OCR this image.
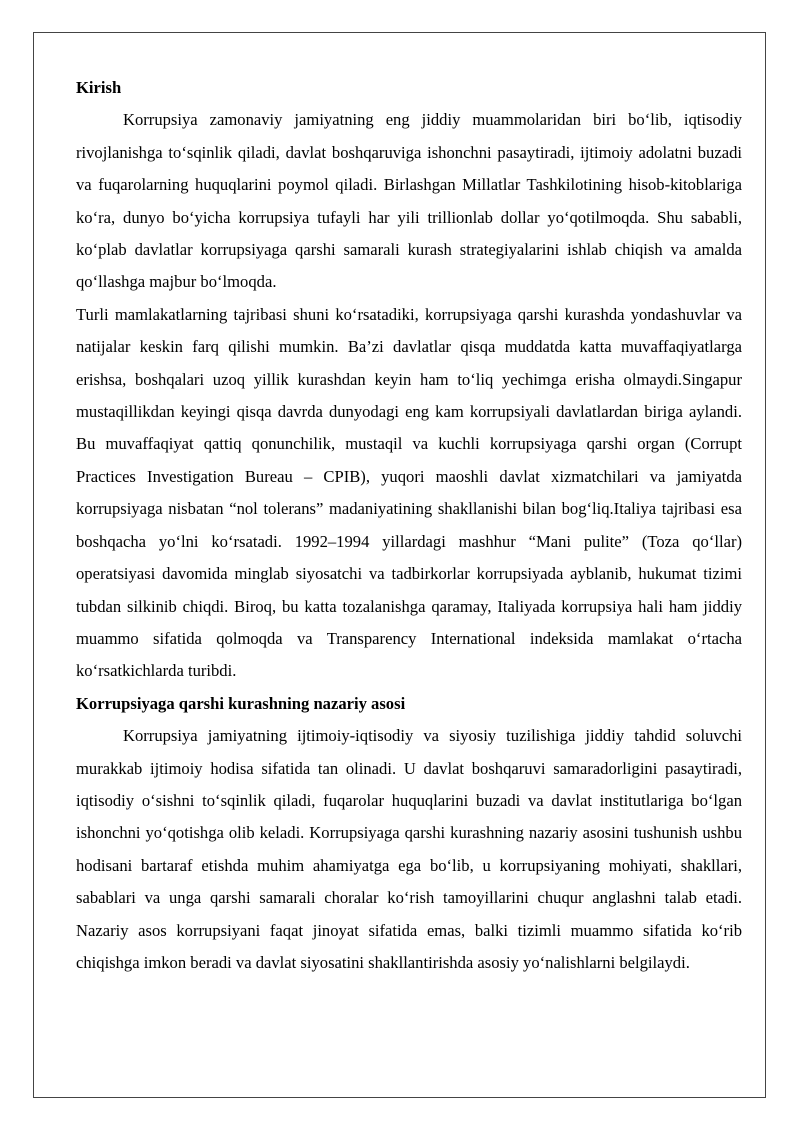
Kirish

Korrupsiya zamonaviy jamiyatning eng jiddiy muammolaridan biri bo‘lib, iqtisodiy rivojlanishga to‘sqinlik qiladi, davlat boshqaruviga ishonchni pasaytiradi, ijtimoiy adolatni buzadi va fuqarolarning huquqlarini poymol qiladi. Birlashgan Millatlar Tashkilotining hisob-kitoblariga ko‘ra, dunyo bo‘yicha korrupsiya tufayli har yili trillionlab dollar yo‘qotilmoqda. Shu sababli, ko‘plab davlatlar korrupsiyaga qarshi samarali kurash strategiyalarini ishlab chiqish va amalda qo‘llashga majbur bo‘lmoqda.

Turli mamlakatlarning tajribasi shuni ko‘rsatadiki, korrupsiyaga qarshi kurashda yondashuvlar va natijalar keskin farq qilishi mumkin. Ba’zi davlatlar qisqa muddatda katta muvaffaqiyatlarga erishsa, boshqalari uzoq yillik kurashdan keyin ham to‘liq yechimga erisha olmaydi.Singapur mustaqillikdan keyingi qisqa davrda dunyodagi eng kam korrupsiyali davlatlardan biriga aylandi. Bu muvaffaqiyat qattiq qonunchilik, mustaqil va kuchli korrupsiyaga qarshi organ (Corrupt Practices Investigation Bureau – CPIB), yuqori maoshli davlat xizmatchilari va jamiyatda korrupsiyaga nisbatan “nol tolerans” madaniyatining shakllanishi bilan bog‘liq.Italiya tajribasi esa boshqacha yo‘lni ko‘rsatadi. 1992–1994 yillardagi mashhur “Mani pulite” (Toza qo‘llar) operatsiyasi davomida minglab siyosatchi va tadbirkorlar korrupsiyada ayblanib, hukumat tizimi tubdan silkinib chiqdi. Biroq, bu katta tozalanishga qaramay, Italiyada korrupsiya hali ham jiddiy muammo sifatida qolmoqda va Transparency International indeksida mamlakat o‘rtacha ko‘rsatkichlarda turibdi.

Korrupsiyaga qarshi kurashning nazariy asosi

Korrupsiya jamiyatning ijtimoiy-iqtisodiy va siyosiy tuzilishiga jiddiy tahdid soluvchi murakkab ijtimoiy hodisa sifatida tan olinadi. U davlat boshqaruvi samaradorligini pasaytiradi, iqtisodiy o‘sishni to‘sqinlik qiladi, fuqarolar huquqlarini buzadi va davlat institutlariga bo‘lgan ishonchni yo‘qotishga olib keladi. Korrupsiyaga qarshi kurashning nazariy asosini tushunish ushbu hodisani bartaraf etishda muhim ahamiyatga ega bo‘lib, u korrupsiyaning mohiyati, shakllari, sabablari va unga qarshi samarali choralar ko‘rish tamoyillarini chuqur anglashni talab etadi. Nazariy asos korrupsiyani faqat jinoyat sifatida emas, balki tizimli muammo sifatida ko‘rib chiqishga imkon beradi va davlat siyosatini shakllantirishda asosiy yo‘nalishlarni belgilaydi.
